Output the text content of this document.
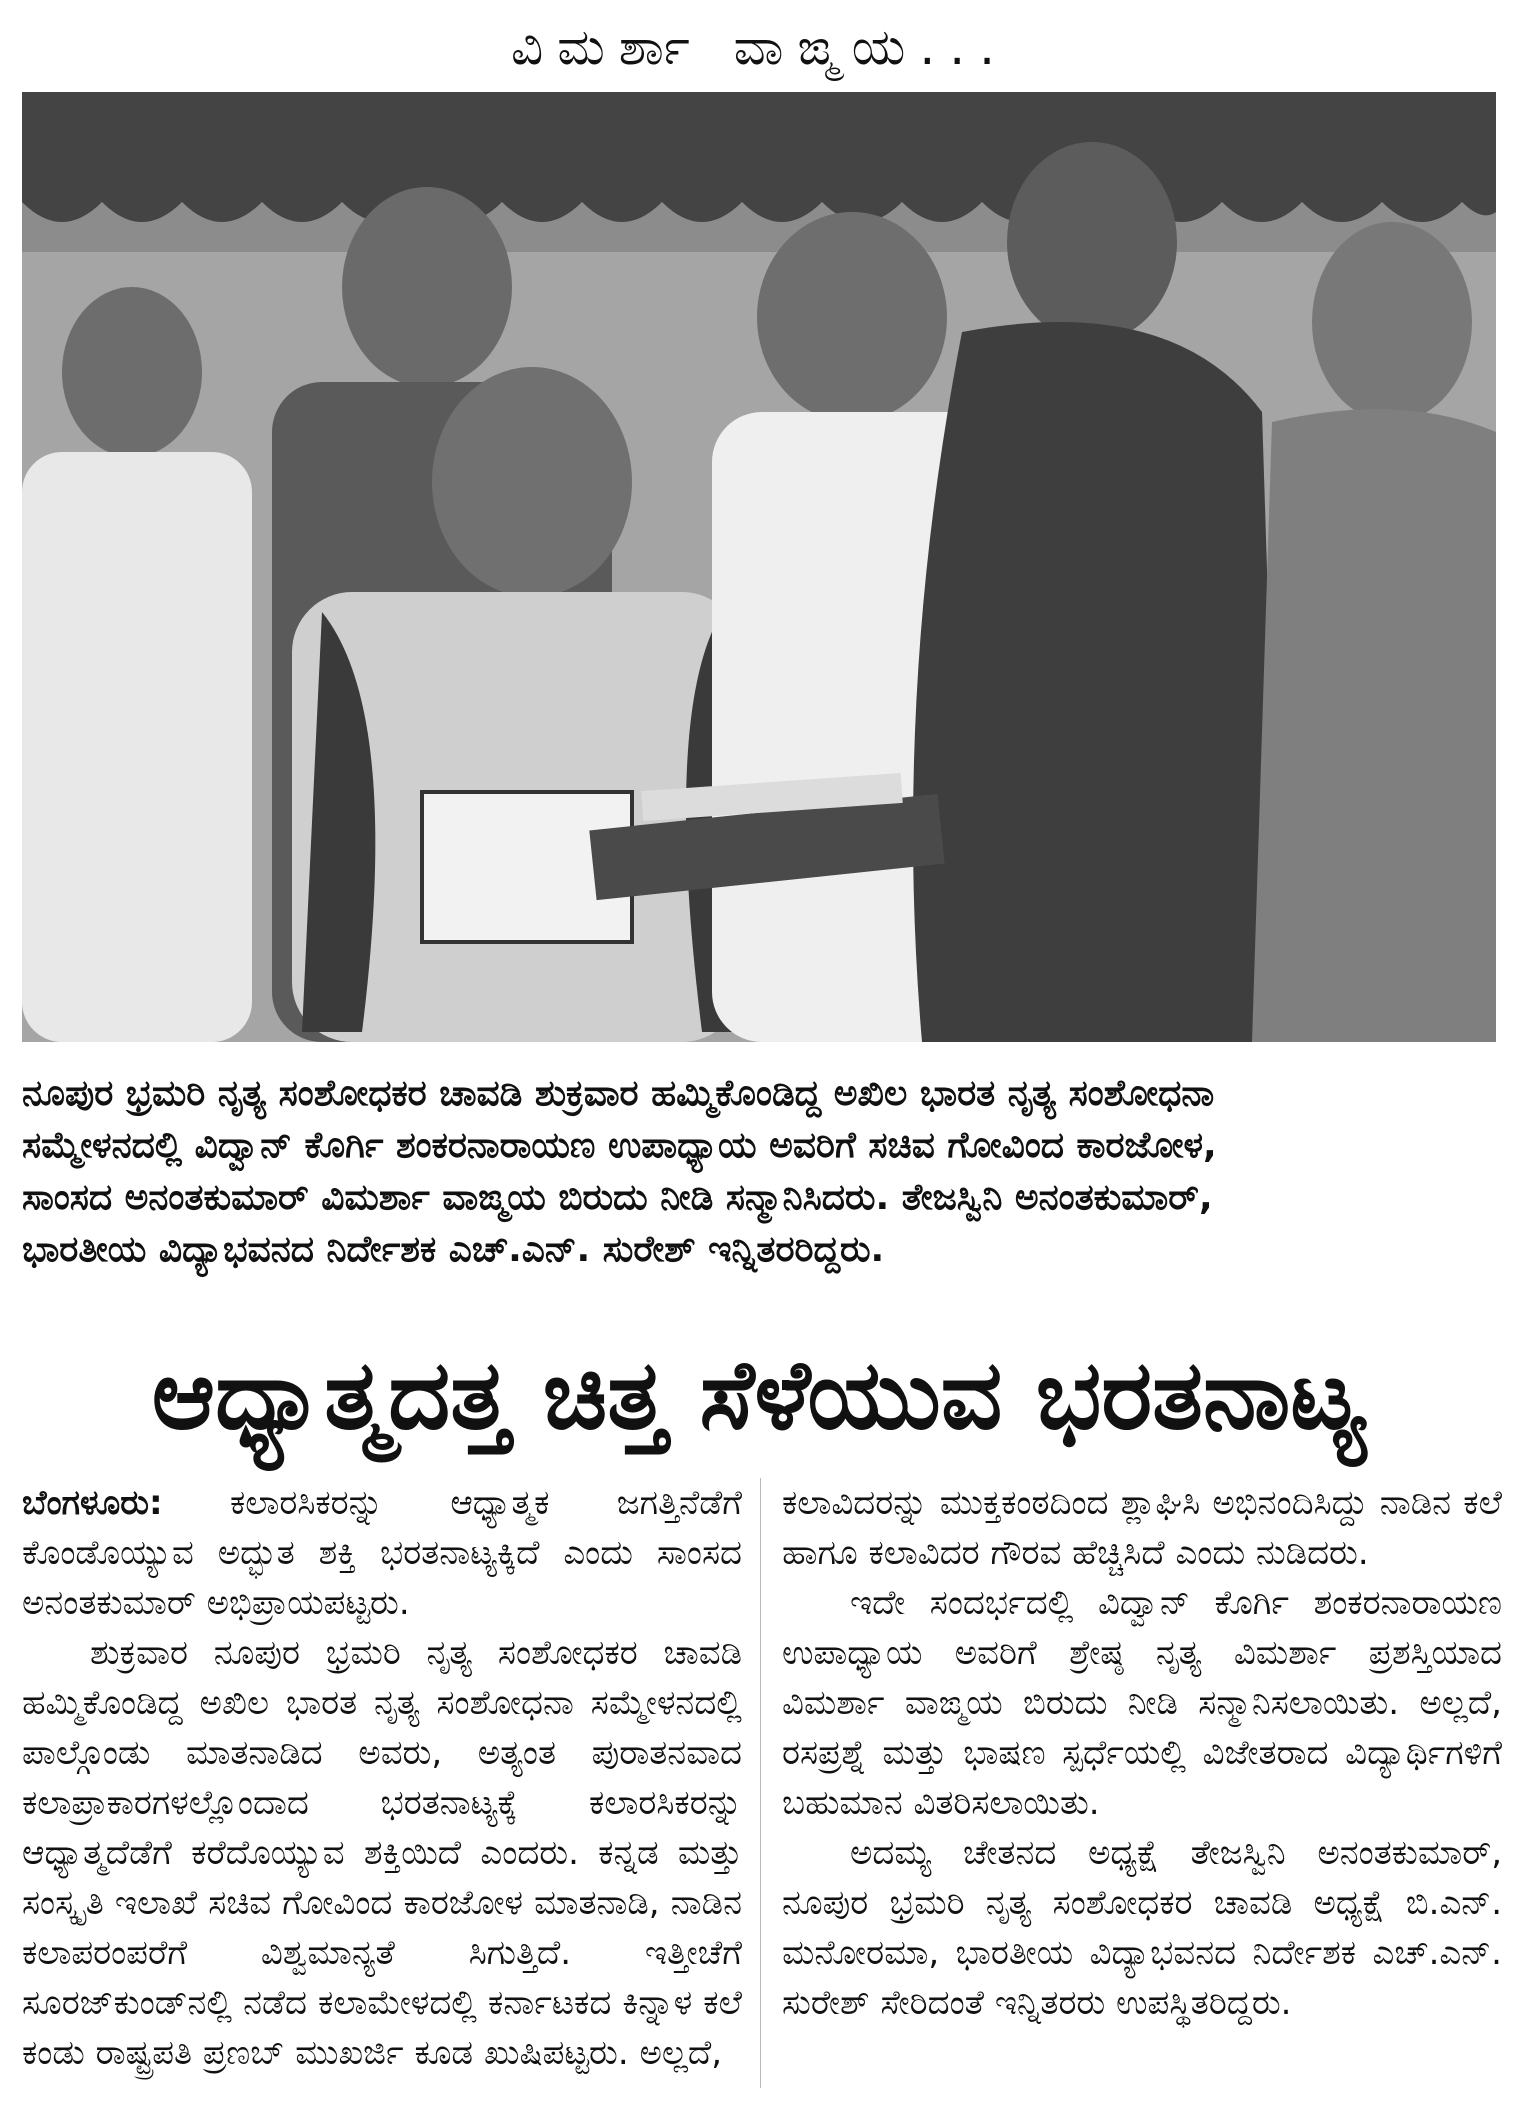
ವಿಮರ್ಶಾ ವಾಙ್ಮಯ...
ನೂಪುರ ಭ್ರಮರಿ ನೃತ್ಯ ಸಂಶೋಧಕರ ಚಾವಡಿ ಶುಕ್ರವಾರ ಹಮ್ಮಿಕೊಂಡಿದ್ದ ಅಖಿಲ ಭಾರತ ನೃತ್ಯ ಸಂಶೋಧನಾ
ಸಮ್ಮೇಳನದಲ್ಲಿ ವಿದ್ವಾನ್ ಕೊರ್ಗಿ ಶಂಕರನಾರಾಯಣ ಉಪಾಧ್ಯಾಯ ಅವರಿಗೆ ಸಚಿವ ಗೋವಿಂದ ಕಾರಜೋಳ,
ಸಾಂಸದ ಅನಂತಕುಮಾರ್ ವಿಮರ್ಶಾ ವಾಙ್ಮಯ ಬಿರುದು ನೀಡಿ ಸನ್ಮಾನಿಸಿದರು. ತೇಜಸ್ವಿನಿ ಅನಂತಕುಮಾರ್,
ಭಾರತೀಯ ವಿದ್ಯಾಭವನದ ನಿರ್ದೇಶಕ ಎಚ್.ಎನ್. ಸುರೇಶ್ ಇನ್ನಿತರರಿದ್ದರು.
ಆಧ್ಯಾತ್ಮದತ್ತ ಚಿತ್ತ ಸೆಳೆಯುವ ಭರತನಾಟ್ಯ

ಬೆಂಗಳೂರು: ಕಲಾರಸಿಕರನ್ನು ಆಧ್ಯಾತ್ಮಕ ಜಗತ್ತಿನೆಡೆಗೆ ಕೊಂಡೊಯ್ಯುವ ಅದ್ಭುತ ಶಕ್ತಿ ಭರತನಾಟ್ಯಕ್ಕಿದೆ ಎಂದು ಸಾಂಸದ ಅನಂತಕುಮಾರ್ ಅಭಿಪ್ರಾಯಪಟ್ಟರು.

ಶುಕ್ರವಾರ ನೂಪುರ ಭ್ರಮರಿ ನೃತ್ಯ ಸಂಶೋಧಕರ ಚಾವಡಿ ಹಮ್ಮಿಕೊಂಡಿದ್ದ ಅಖಿಲ ಭಾರತ ನೃತ್ಯ ಸಂಶೋಧನಾ ಸಮ್ಮೇಳನದಲ್ಲಿ ಪಾಲ್ಗೊಂಡು ಮಾತನಾಡಿದ ಅವರು, ಅತ್ಯಂತ ಪುರಾತನವಾದ ಕಲಾಪ್ರಾಕಾರಗಳಲ್ಲೊಂದಾದ ಭರತನಾಟ್ಯಕ್ಕೆ ಕಲಾರಸಿಕರನ್ನು ಆಧ್ಯಾತ್ಮದೆಡೆಗೆ ಕರೆದೊಯ್ಯುವ ಶಕ್ತಿಯಿದೆ ಎಂದರು. ಕನ್ನಡ ಮತ್ತು ಸಂಸ್ಕೃತಿ ಇಲಾಖೆ ಸಚಿವ ಗೋವಿಂದ ಕಾರಜೋಳ ಮಾತನಾಡಿ, ನಾಡಿನ ಕಲಾಪರಂಪರೆಗೆ ವಿಶ್ವಮಾನ್ಯತೆ ಸಿಗುತ್ತಿದೆ. ಇತ್ತೀಚೆಗೆ ಸೂರಜ್‌ಕುಂಡ್‌ನಲ್ಲಿ ನಡೆದ ಕಲಾಮೇಳದಲ್ಲಿ ಕರ್ನಾಟಕದ ಕಿನ್ನಾಳ ಕಲೆ ಕಂಡು ರಾಷ್ಟ್ರಪತಿ ಪ್ರಣಬ್ ಮುಖರ್ಜಿ ಕೂಡ ಖುಷಿಪಟ್ಟರು. ಅಲ್ಲದೆ,

ಕಲಾವಿದರನ್ನು ಮುಕ್ತಕಂಠದಿಂದ ಶ್ಲಾಘಿಸಿ ಅಭಿನಂದಿಸಿದ್ದು ನಾಡಿನ ಕಲೆ ಹಾಗೂ ಕಲಾವಿದರ ಗೌರವ ಹೆಚ್ಚಿಸಿದೆ ಎಂದು ನುಡಿದರು.

ಇದೇ ಸಂದರ್ಭದಲ್ಲಿ ವಿದ್ವಾನ್ ಕೊರ್ಗಿ ಶಂಕರನಾರಾಯಣ ಉಪಾಧ್ಯಾಯ ಅವರಿಗೆ ಶ್ರೇಷ್ಠ ನೃತ್ಯ ವಿಮರ್ಶಾ ಪ್ರಶಸ್ತಿಯಾದ ವಿಮರ್ಶಾ ವಾಙ್ಮಯ ಬಿರುದು ನೀಡಿ ಸನ್ಮಾನಿಸಲಾಯಿತು. ಅಲ್ಲದೆ, ರಸಪ್ರಶ್ನೆ ಮತ್ತು ಭಾಷಣ ಸ್ಪರ್ಧೆಯಲ್ಲಿ ವಿಜೇತರಾದ ವಿದ್ಯಾರ್ಥಿಗಳಿಗೆ ಬಹುಮಾನ ವಿತರಿಸಲಾಯಿತು.

ಅದಮ್ಯ ಚೇತನದ ಅಧ್ಯಕ್ಷೆ ತೇಜಸ್ವಿನಿ ಅನಂತಕುಮಾರ್, ನೂಪುರ ಭ್ರಮರಿ ನೃತ್ಯ ಸಂಶೋಧಕರ ಚಾವಡಿ ಅಧ್ಯಕ್ಷೆ ಬಿ.ಎನ್. ಮನೋರಮಾ, ಭಾರತೀಯ ವಿದ್ಯಾಭವನದ ನಿರ್ದೇಶಕ ಎಚ್.ಎನ್. ಸುರೇಶ್ ಸೇರಿದಂತೆ ಇನ್ನಿತರರು ಉಪಸ್ಥಿತರಿದ್ದರು.
